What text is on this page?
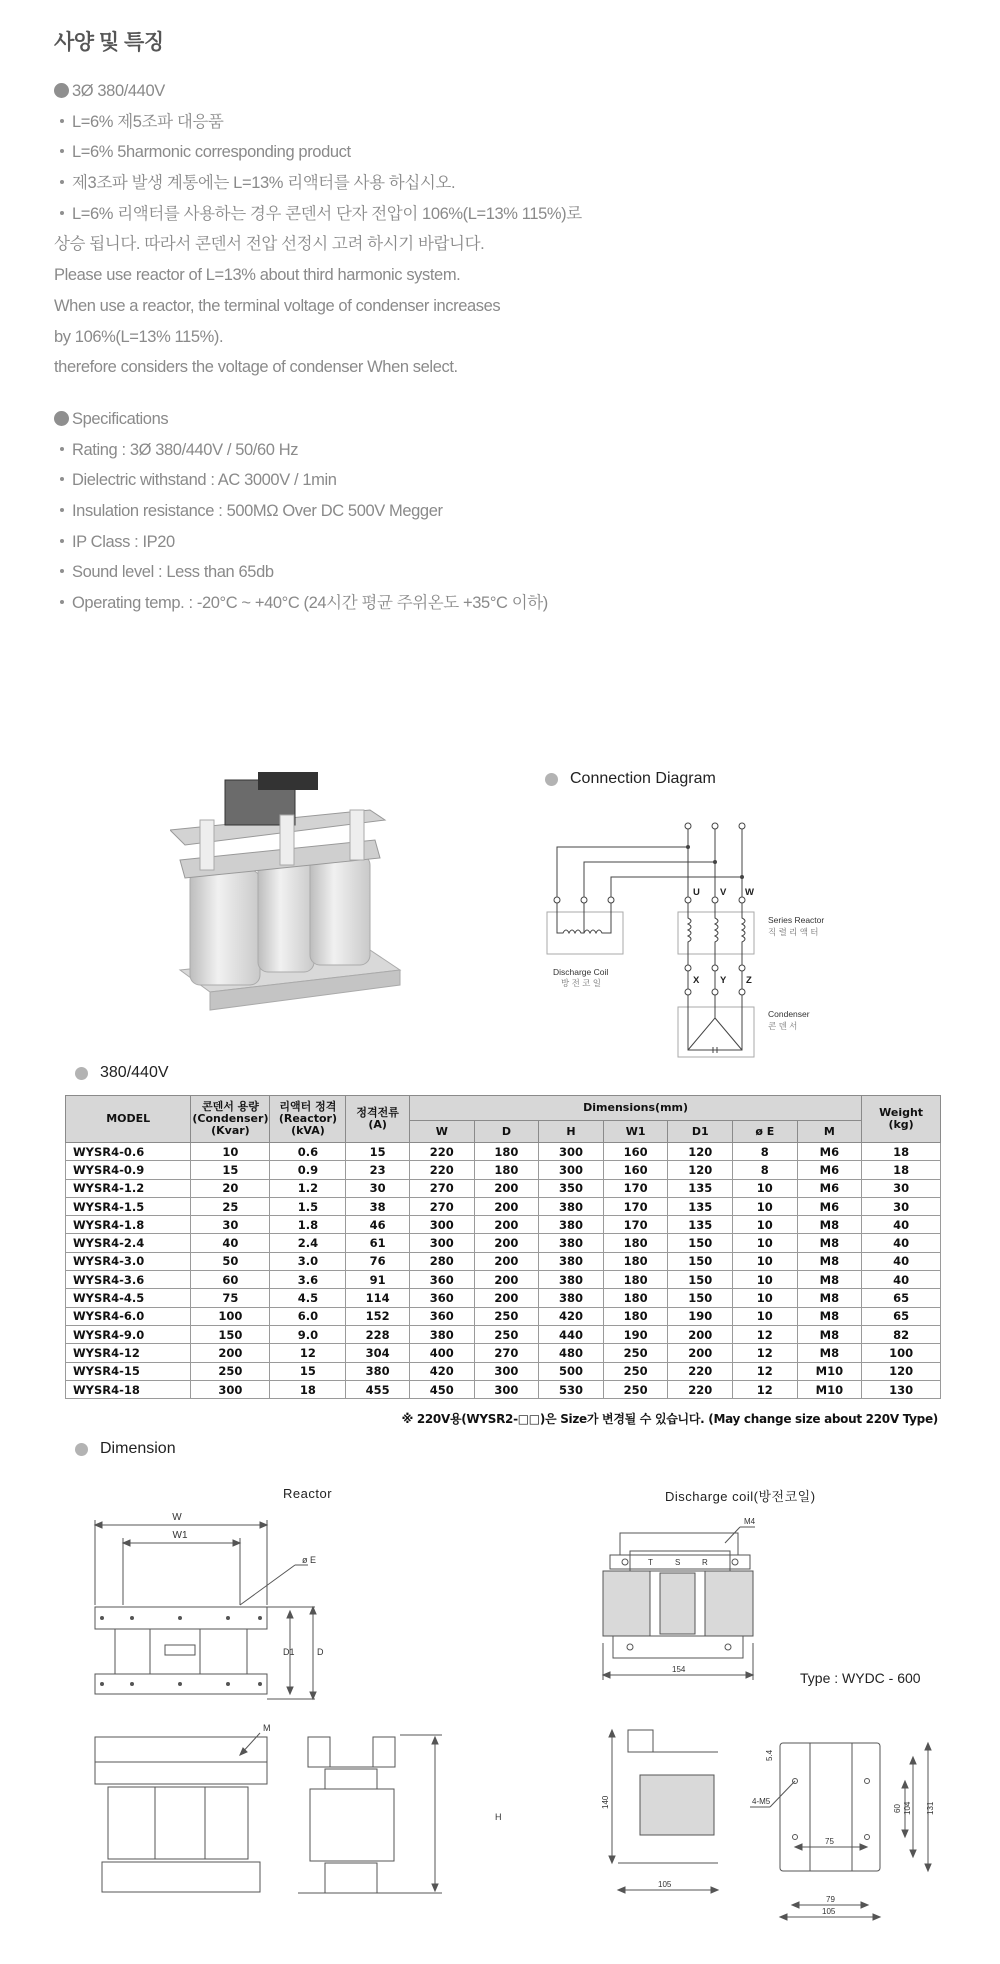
사양 및 특징
3Ø 380/440V
L=6% 제5조파 대응품
L=6% 5harmonic corresponding product
제3조파 발생 계통에는 L=13% 리액터를 사용 하십시오.
L=6% 리액터를 사용하는 경우 콘덴서 단자 전압이 106%(L=13% 115%)로
상승 됩니다. 따라서 콘덴서 전압 선정시 고려 하시기 바랍니다.
Please use reactor of L=13% about third harmonic system.
When use a reactor, the terminal voltage of condenser increases
by 106%(L=13% 115%).
therefore considers the voltage of condenser When select.
Specifications
Rating : 3Ø 380/440V / 50/60 Hz
Dielectric withstand : AC 3000V / 1min
Insulation resistance : 500MΩ Over DC 500V Megger
IP Class : IP20
Sound level : Less than 65db
Operating temp. : -20°C ~ +40°C (24시간 평균 주위온도 +35°C 이하)
Connection Diagram
U V W
X Y Z
Discharge Coil
방 전 코 일
Series Reactor
직 렬 리 액 터
Condenser
콘 덴 서
380/440V
MODEL	콘덴서 용량
(Condenser)
(Kvar)	리액터 정격
(Reactor)
(kVA)	정격전류
(A)	Dimensions(mm)							Weight
(kg)
				W	D	H	W1	D1	ø E	M	
WYSR4-0.6	10	0.6	15	220	180	300	160	120	8	M6	18
WYSR4-0.9	15	0.9	23	220	180	300	160	120	8	M6	18
WYSR4-1.2	20	1.2	30	270	200	350	170	135	10	M6	30
WYSR4-1.5	25	1.5	38	270	200	380	170	135	10	M6	30
WYSR4-1.8	30	1.8	46	300	200	380	170	135	10	M8	40
WYSR4-2.4	40	2.4	61	300	200	380	180	150	10	M8	40
WYSR4-3.0	50	3.0	76	280	200	380	180	150	10	M8	40
WYSR4-3.6	60	3.6	91	360	200	380	180	150	10	M8	40
WYSR4-4.5	75	4.5	114	360	200	380	180	150	10	M8	65
WYSR4-6.0	100	6.0	152	360	250	420	180	190	10	M8	65
WYSR4-9.0	150	9.0	228	380	250	440	190	200	12	M8	82
WYSR4-12	200	12	304	400	270	480	250	200	12	M8	100
WYSR4-15	250	15	380	420	300	500	250	220	12	M10	120
WYSR4-18	300	18	455	450	300	530	250	220	12	M10	130
※ 220V용(WYSR2-□□)은 Size가 변경될 수 있습니다. (May change size about 220V Type)
Dimension
Reactor
W
W1
ø E
D1 D
M
H
Discharge coil(방전코일)
Type : WYDC - 600
M4
T	S	R
154
140
105
5.4
4-M5
75
79
105
60 104 131
